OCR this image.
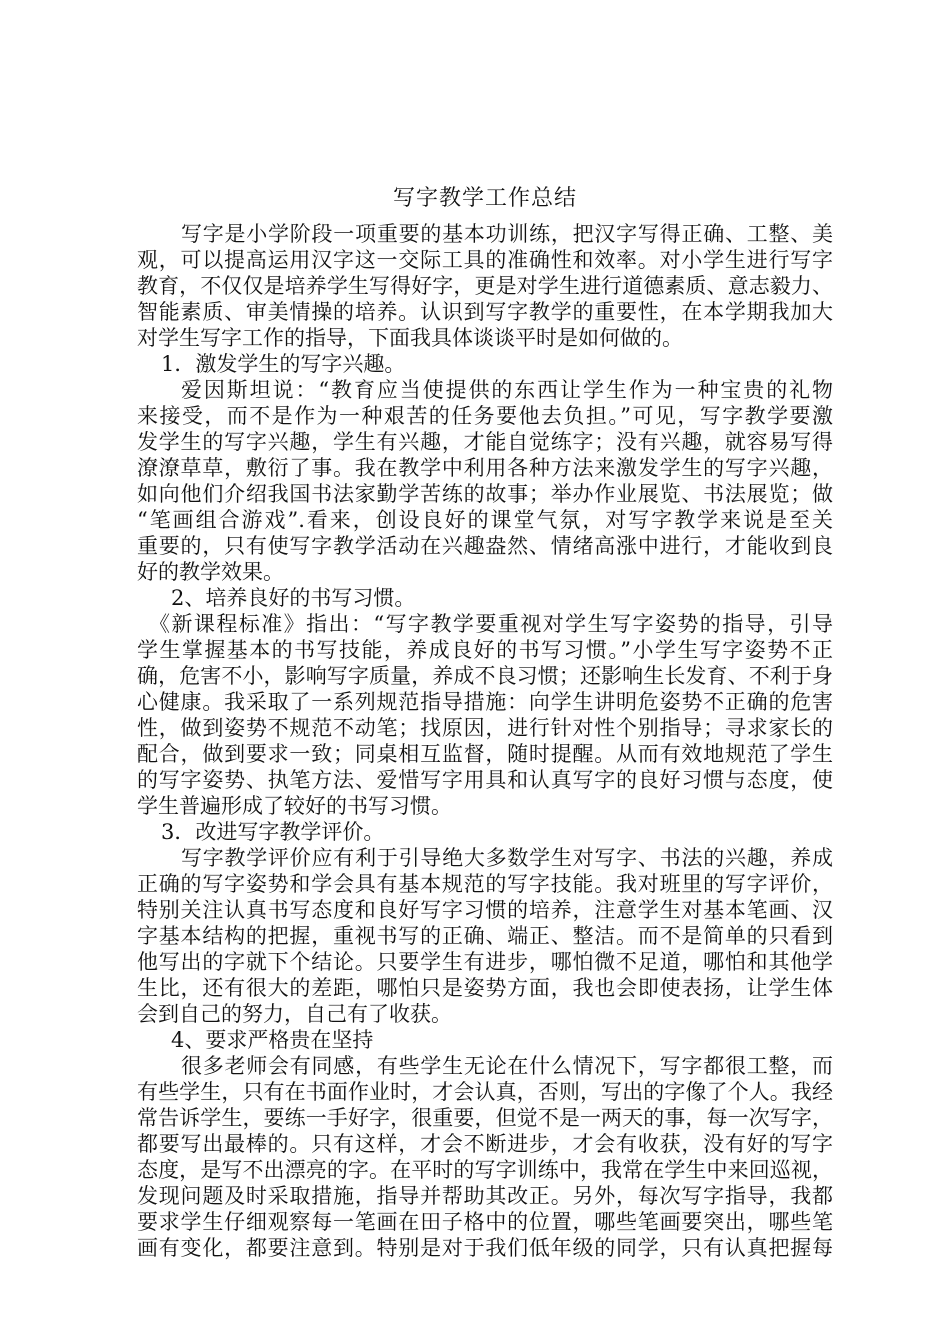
写字教学工作总结
写字是小学阶段一项重要的基本功训练，把汉字写得正确、工整、美
观，可以提高运用汉字这一交际工具的准确性和效率。对小学生进行写字
教育，不仅仅是培养学生写得好字，更是对学生进行道德素质、意志毅力、
智能素质、审美情操的培养。认识到写字教学的重要性，在本学期我加大
对学生写字工作的指导，下面我具体谈谈平时是如何做的。
1．激发学生的写字兴趣。
爱因斯坦说：“教育应当使提供的东西让学生作为一种宝贵的礼物
来接受，而不是作为一种艰苦的任务要他去负担。”可见，写字教学要激
发学生的写字兴趣，学生有兴趣，才能自觉练字；没有兴趣，就容易写得
潦潦草草，敷衍了事。我在教学中利用各种方法来激发学生的写字兴趣，
如向他们介绍我国书法家勤学苦练的故事；举办作业展览、书法展览；做
“笔画组合游戏”.看来，创设良好的课堂气氛，对写字教学来说是至关
重要的，只有使写字教学活动在兴趣盎然、情绪高涨中进行，才能收到良
好的教学效果。
2、培养良好的书写习惯。
《新课程标准》指出：“写字教学要重视对学生写字姿势的指导，引导
学生掌握基本的书写技能，养成良好的书写习惯。”小学生写字姿势不正
确，危害不小，影响写字质量，养成不良习惯；还影响生长发育、不利于身
心健康。我采取了一系列规范指导措施：向学生讲明危姿势不正确的危害
性，做到姿势不规范不动笔；找原因，进行针对性个别指导；寻求家长的
配合，做到要求一致；同桌相互监督，随时提醒。从而有效地规范了学生
的写字姿势、执笔方法、爱惜写字用具和认真写字的良好习惯与态度，使
学生普遍形成了较好的书写习惯。
3．改进写字教学评价。
写字教学评价应有利于引导绝大多数学生对写字、书法的兴趣，养成
正确的写字姿势和学会具有基本规范的写字技能。我对班里的写字评价，
特别关注认真书写态度和良好写字习惯的培养，注意学生对基本笔画、汉
字基本结构的把握，重视书写的正确、端正、整洁。而不是简单的只看到
他写出的字就下个结论。只要学生有进步，哪怕微不足道，哪怕和其他学
生比，还有很大的差距，哪怕只是姿势方面，我也会即使表扬，让学生体
会到自己的努力，自己有了收获。
4、要求严格贵在坚持
很多老师会有同感，有些学生无论在什么情况下，写字都很工整，而
有些学生，只有在书面作业时，才会认真，否则，写出的字像了个人。我经
常告诉学生，要练一手好字，很重要，但觉不是一两天的事，每一次写字，
都要写出最棒的。只有这样，才会不断进步，才会有收获，没有好的写字
态度，是写不出漂亮的字。在平时的写字训练中，我常在学生中来回巡视，
发现问题及时采取措施，指导并帮助其改正。另外，每次写字指导，我都
要求学生仔细观察每一笔画在田子格中的位置，哪些笔画要突出，哪些笔
画有变化，都要注意到。特别是对于我们低年级的同学，只有认真把握每
